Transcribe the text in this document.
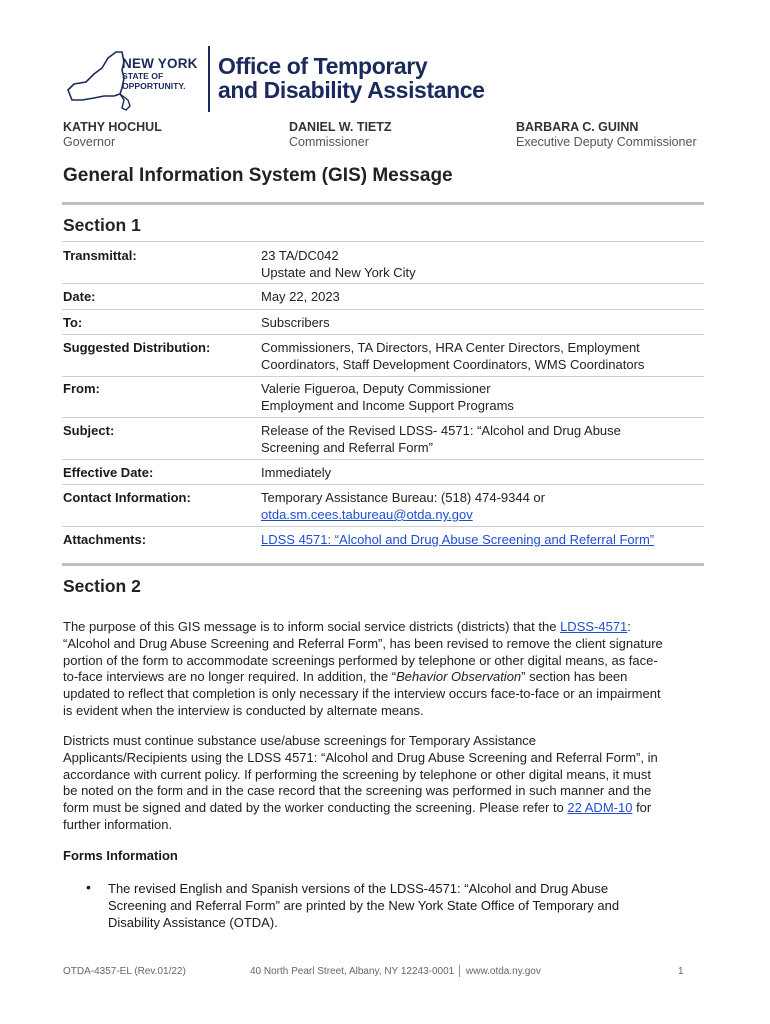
NEW YORK
STATE OF
OPPORTUNITY.
Office of Temporary
and Disability Assistance
KATHY HOCHUL
Governor
DANIEL W. TIETZ
Commissioner
BARBARA C. GUINN
Executive Deputy Commissioner
General Information System (GIS) Message
Section 1
Transmittal:	23 TA/DC042
Upstate and New York City
Date:	May 22, 2023
To:	Subscribers
Suggested Distribution:	Commissioners, TA Directors, HRA Center Directors, Employment
Coordinators, Staff Development Coordinators, WMS Coordinators
From:	Valerie Figueroa, Deputy Commissioner
Employment and Income Support Programs
Subject:	Release of the Revised LDSS- 4571: “Alcohol and Drug Abuse
Screening and Referral Form”
Effective Date:	Immediately
Contact Information:	Temporary Assistance Bureau: (518) 474-9344 or
otda.sm.cees.tabureau@otda.ny.gov
Attachments:	LDSS 4571: “Alcohol and Drug Abuse Screening and Referral Form”
Section 2
The purpose of this GIS message is to inform social service districts (districts) that the LDSS-4571:
“Alcohol and Drug Abuse Screening and Referral Form”, has been revised to remove the client signature
portion of the form to accommodate screenings performed by telephone or other digital means, as face-
to-face interviews are no longer required. In addition, the “Behavior Observation” section has been
updated to reflect that completion is only necessary if the interview occurs face-to-face or an impairment
is evident when the interview is conducted by alternate means.
Districts must continue substance use/abuse screenings for Temporary Assistance
Applicants/Recipients using the LDSS 4571: “Alcohol and Drug Abuse Screening and Referral Form”, in
accordance with current policy. If performing the screening by telephone or other digital means, it must
be noted on the form and in the case record that the screening was performed in such manner and the
form must be signed and dated by the worker conducting the screening. Please refer to 22 ADM-10 for
further information.
Forms Information
• The revised English and Spanish versions of the LDSS-4571: “Alcohol and Drug Abuse
Screening and Referral Form” are printed by the New York State Office of Temporary and
Disability Assistance (OTDA).
OTDA-4357-EL (Rev.01/22)	40 North Pearl Street, Albany, NY 12243-0001 │ www.otda.ny.gov	1
